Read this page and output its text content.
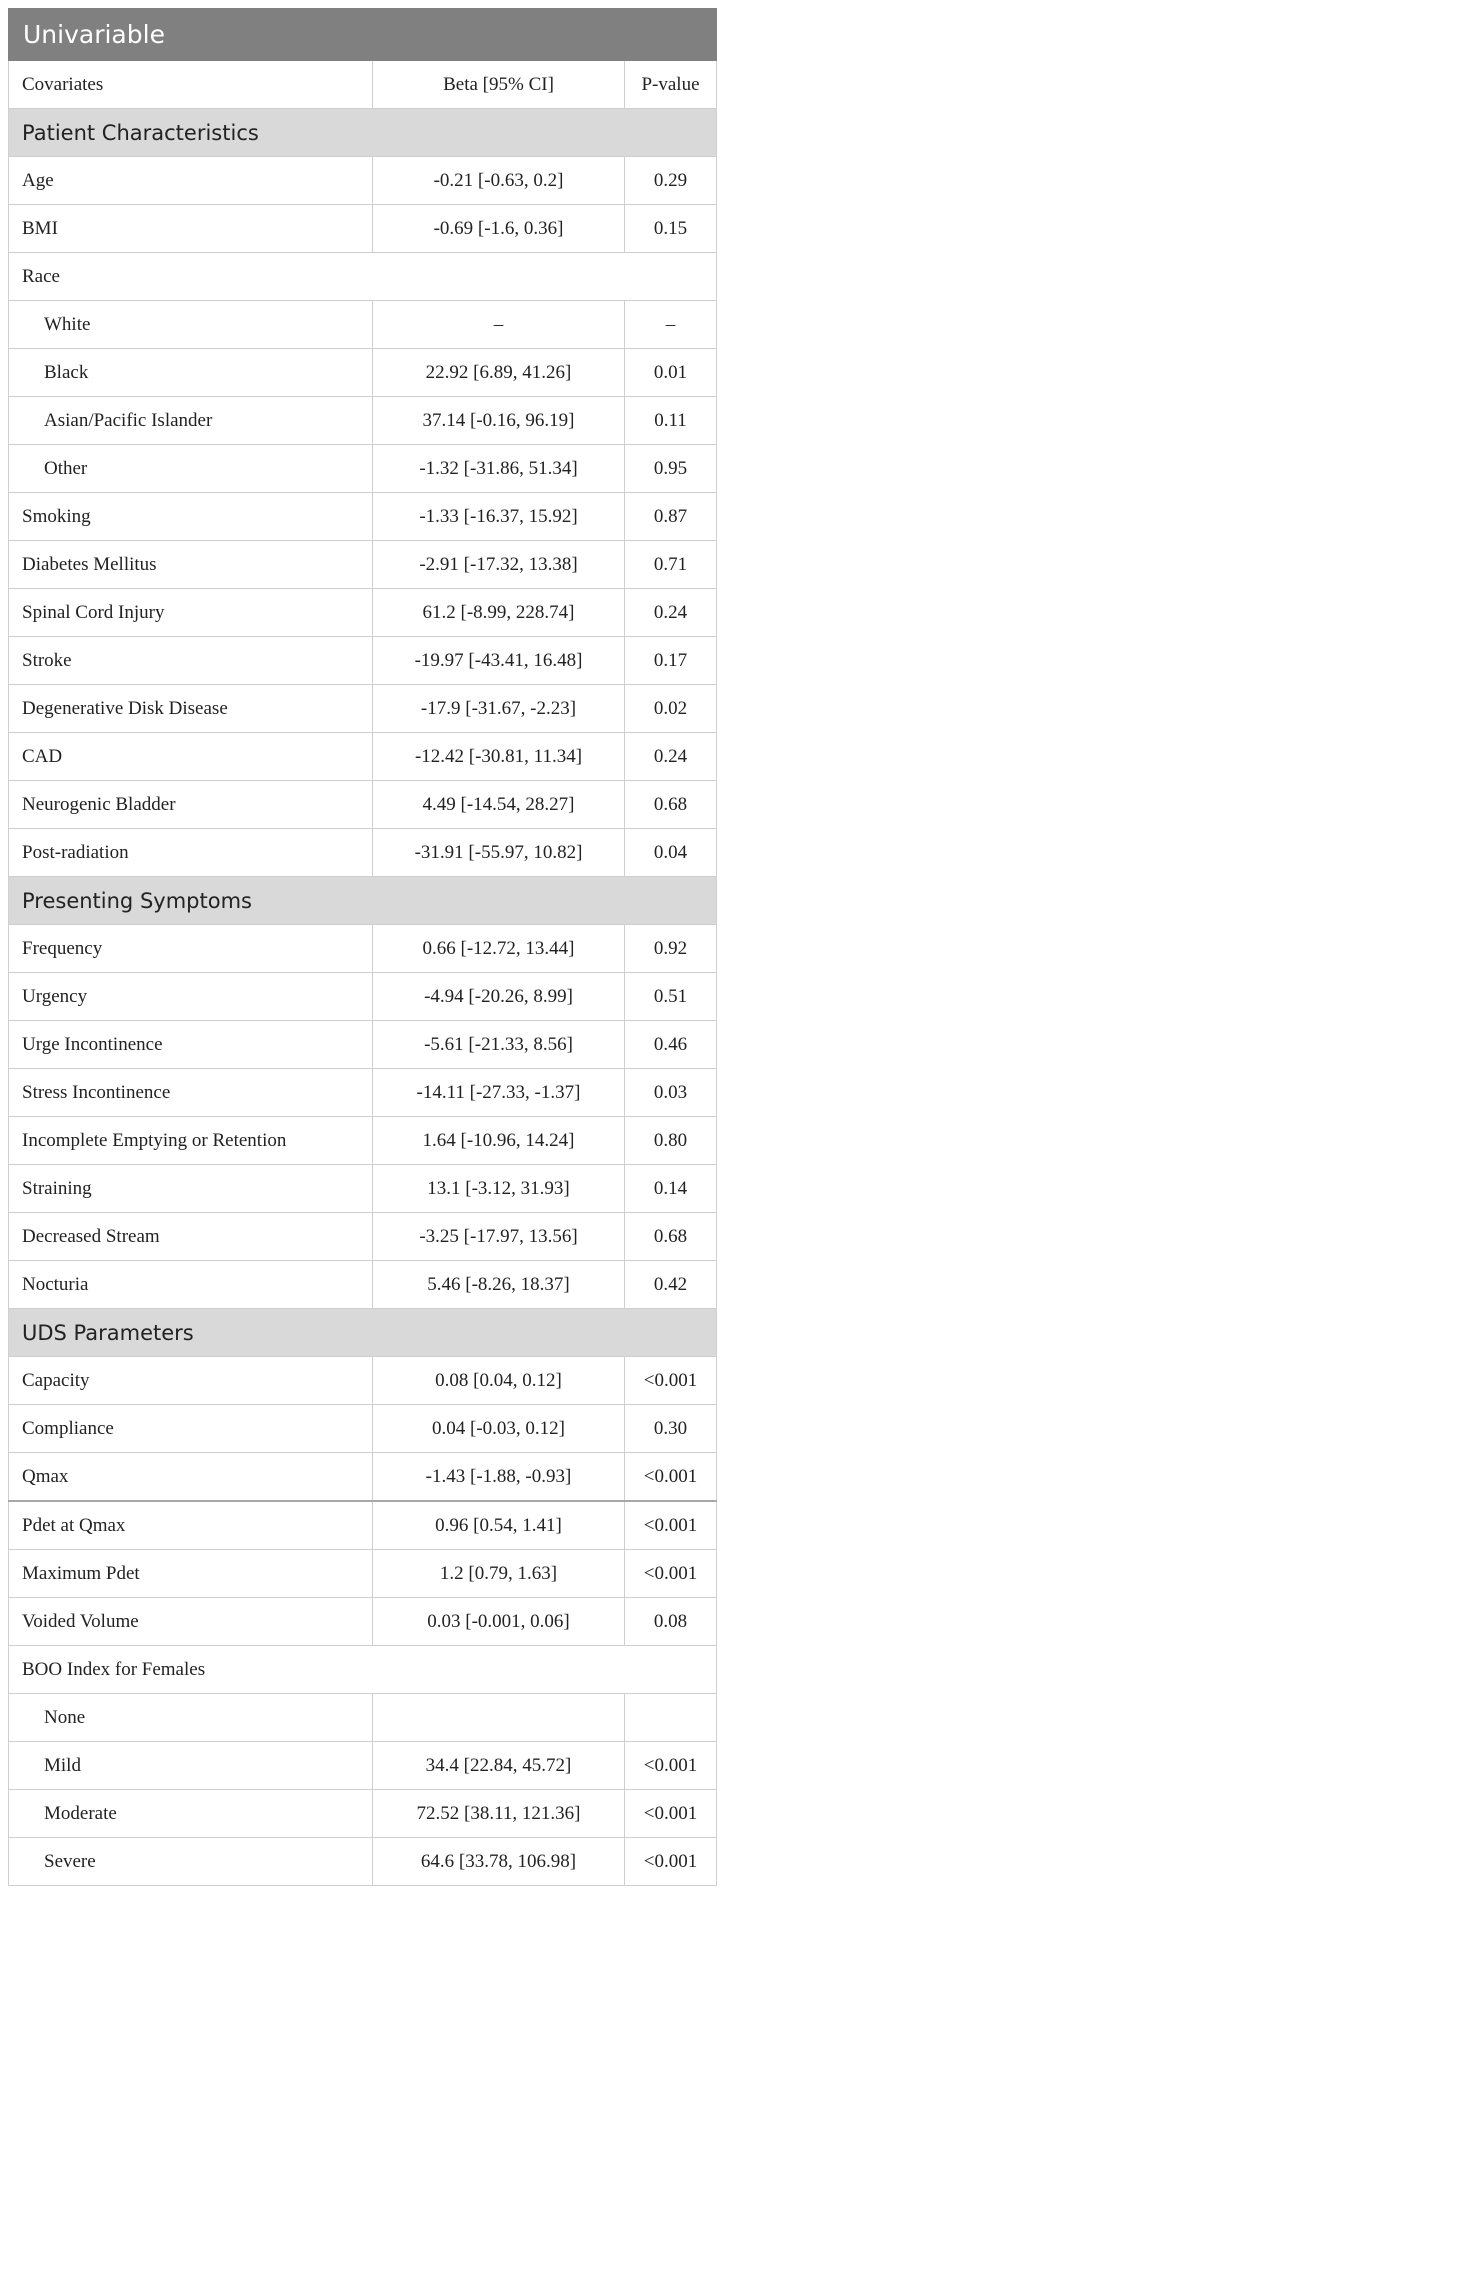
Univariable		
Covariates	Beta [95% CI]	P-value
Patient Characteristics		
Age	-0.21 [-0.63, 0.2]	0.29
BMI	-0.69 [-1.6, 0.36]	0.15
Race		
White	–	–
Black	22.92 [6.89, 41.26]	0.01
Asian/Pacific Islander	37.14 [-0.16, 96.19]	0.11
Other	-1.32 [-31.86, 51.34]	0.95
Smoking	-1.33 [-16.37, 15.92]	0.87
Diabetes Mellitus	-2.91 [-17.32, 13.38]	0.71
Spinal Cord Injury	61.2 [-8.99, 228.74]	0.24
Stroke	-19.97 [-43.41, 16.48]	0.17
Degenerative Disk Disease	-17.9 [-31.67, -2.23]	0.02
CAD	-12.42 [-30.81, 11.34]	0.24
Neurogenic Bladder	4.49 [-14.54, 28.27]	0.68
Post-radiation	-31.91 [-55.97, 10.82]	0.04
Presenting Symptoms		
Frequency	0.66 [-12.72, 13.44]	0.92
Urgency	-4.94 [-20.26, 8.99]	0.51
Urge Incontinence	-5.61 [-21.33, 8.56]	0.46
Stress Incontinence	-14.11 [-27.33, -1.37]	0.03
Incomplete Emptying or Retention	1.64 [-10.96, 14.24]	0.80
Straining	13.1 [-3.12, 31.93]	0.14
Decreased Stream	-3.25 [-17.97, 13.56]	0.68
Nocturia	5.46 [-8.26, 18.37]	0.42
UDS Parameters		
Capacity	0.08 [0.04, 0.12]	<0.001
Compliance	0.04 [-0.03, 0.12]	0.30
Qmax	-1.43 [-1.88, -0.93]	<0.001
Pdet at Qmax	0.96 [0.54, 1.41]	<0.001
Maximum Pdet	1.2 [0.79, 1.63]	<0.001
Voided Volume	0.03 [-0.001, 0.06]	0.08
BOO Index for Females		
None		
Mild	34.4 [22.84, 45.72]	<0.001
Moderate	72.52 [38.11, 121.36]	<0.001
Severe	64.6 [33.78, 106.98]	<0.001
